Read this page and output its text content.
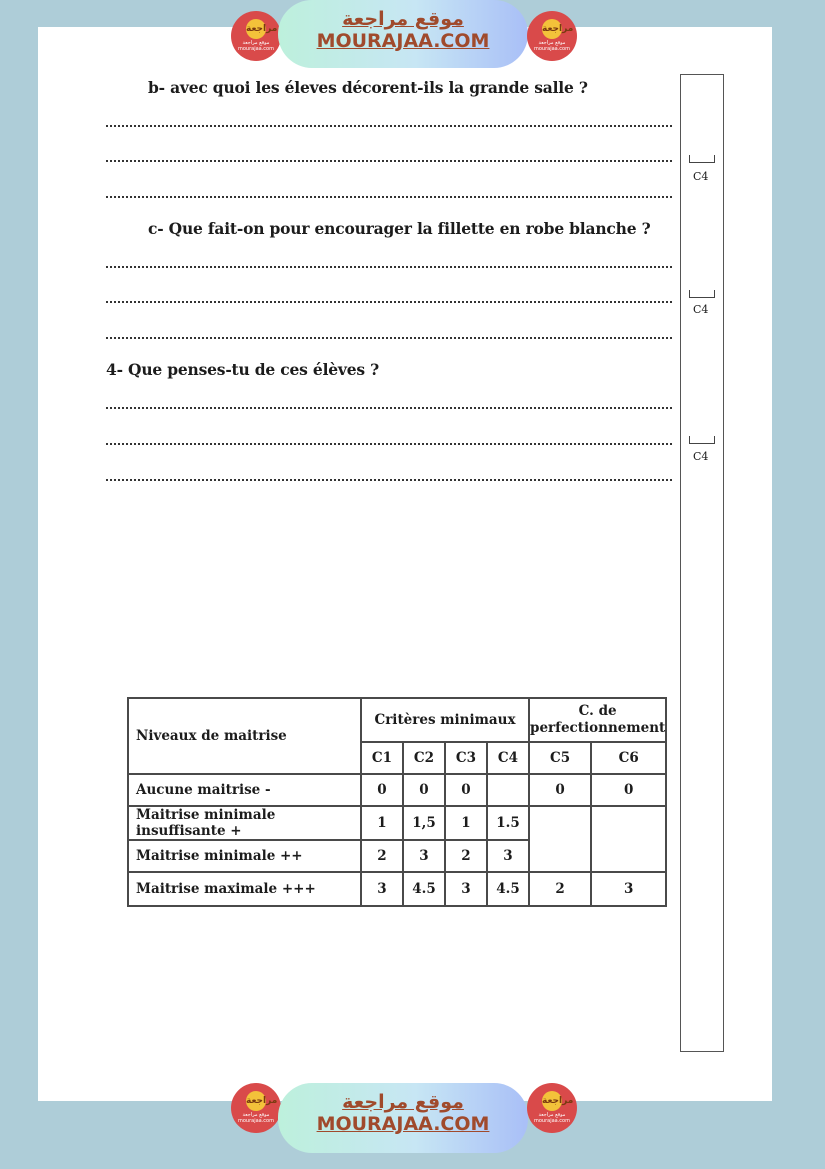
مراجعة
موقع مراجعة
mourajaa.com
موقع مراجعة
MOURAJAA.COM
مراجعة
موقع مراجعة
mourajaa.com
b- avec quoi les éleves décorent-ils la grande salle ?
c- Que fait-on pour encourager la fillette en robe blanche ?
4- Que penses-tu de ces élèves ?
C4
C4
C4
Niveaux de maitrise	Critères minimaux				C. de perfectionnement	
	C1	C2	C3	C4	C5	C6
Aucune maitrise -	0	0	0		0	0
Maitrise minimale insuffisante +	1	1,5	1	1.5		
Maitrise minimale ++	2	3	2	3		
Maitrise maximale +++	3	4.5	3	4.5	2	3
مراجعة
موقع مراجعة
mourajaa.com
موقع مراجعة
MOURAJAA.COM
مراجعة
موقع مراجعة
mourajaa.com
